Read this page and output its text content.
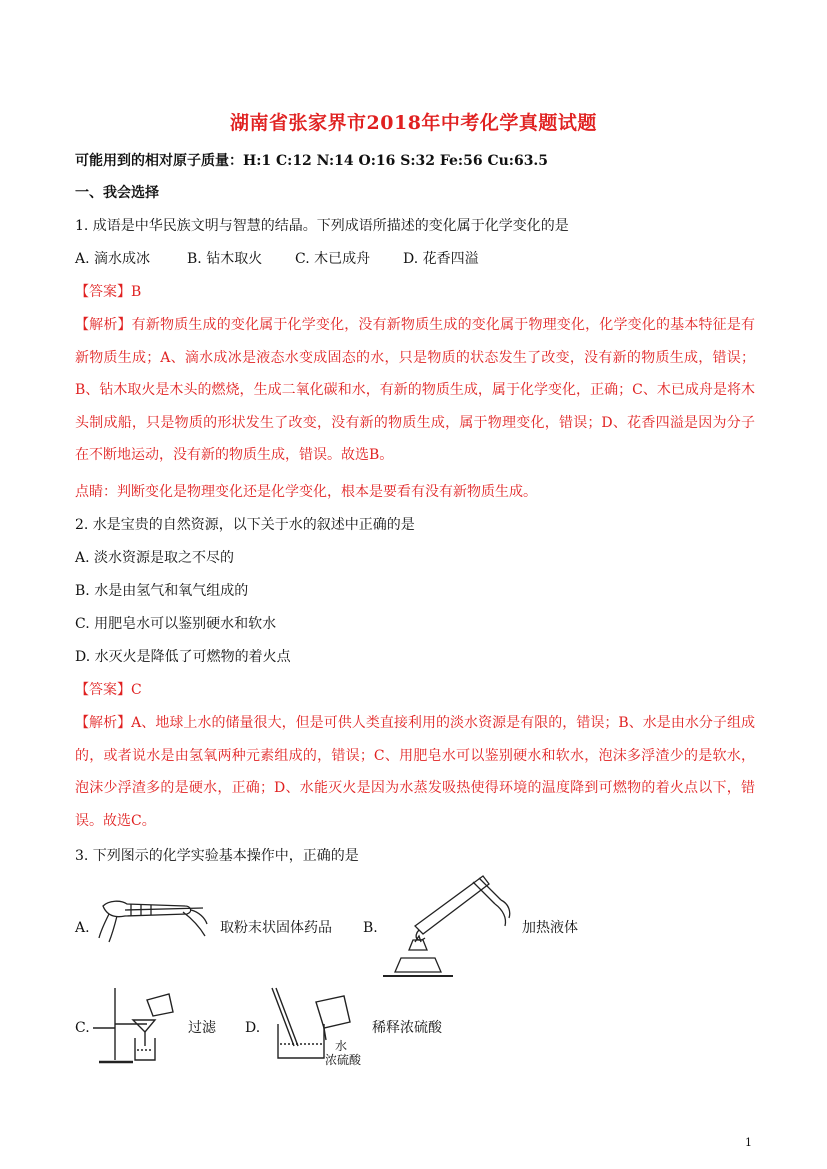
湖南省张家界市2018年中考化学真题试题
可能用到的相对原子质量：H:1 C:12 N:14 O:16 S:32 Fe:56 Cu:63.5
一、我会选择
1. 成语是中华民族文明与智慧的结晶。下列成语所描述的变化属于化学变化的是
A. 滴水成冰	B. 钻木取火 C. 木已成舟 D. 花香四溢
【答案】B
【解析】有新物质生成的变化属于化学变化，没有新物质生成的变化属于物理变化，化学变化的基本特征是有新物质生成；A、滴水成冰是液态水变成固态的水，只是物质的状态发生了改变，没有新的物质生成，错误；B、钻木取火是木头的燃烧，生成二氧化碳和水，有新的物质生成，属于化学变化，正确；C、木已成舟是将木头制成船，只是物质的形状发生了改变，没有新的物质生成，属于物理变化，错误；D、花香四溢是因为分子在不断地运动，没有新的物质生成，错误。故选B。
点睛：判断变化是物理变化还是化学变化，根本是要看有没有新物质生成。
2. 水是宝贵的自然资源，以下关于水的叙述中正确的是
A. 淡水资源是取之不尽的
B. 水是由氢气和氧气组成的
C. 用肥皂水可以鉴别硬水和软水
D. 水灭火是降低了可燃物的着火点
【答案】C
【解析】A、地球上水的储量很大，但是可供人类直接利用的淡水资源是有限的，错误；B、水是由水分子组成的，或者说水是由氢氧两种元素组成的，错误；C、用肥皂水可以鉴别硬水和软水，泡沫多浮渣少的是软水，泡沫少浮渣多的是硬水，正确；D、水能灭火是因为水蒸发吸热使得环境的温度降到可燃物的着火点以下，错误。故选C。
3. 下列图示的化学实验基本操作中，正确的是
A.	取粉末状固体药品 B.	加热液体
C.	过滤 D.
水
浓硫酸
稀释浓硫酸
1
